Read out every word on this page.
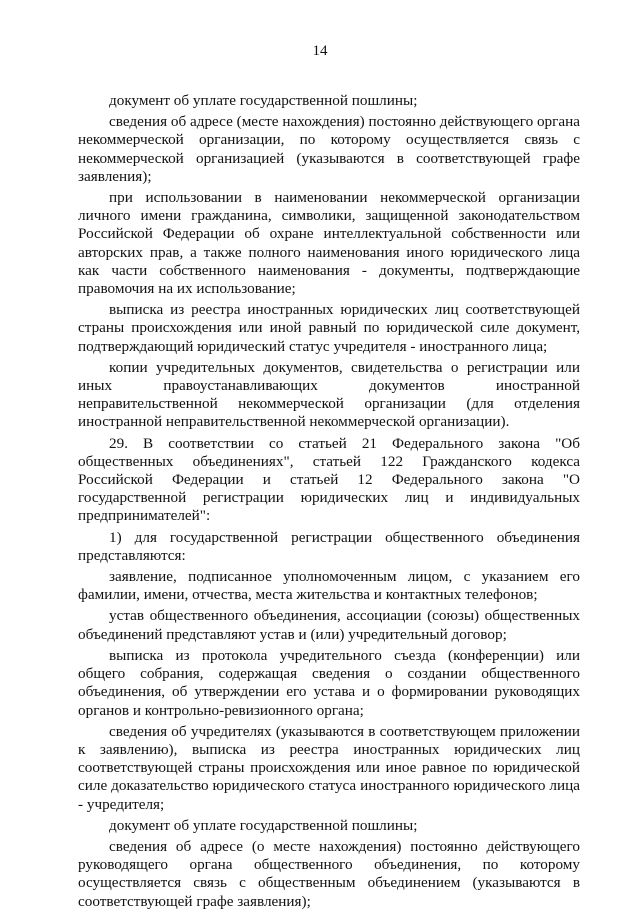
14

документ об уплате государственной пошлины;

сведения об адресе (месте нахождения) постоянно действующего органа некоммерческой организации, по которому осуществляется связь с некоммерческой организацией (указываются в соответствующей графе заявления);

при использовании в наименовании некоммерческой организации личного имени гражданина, символики, защищенной законодательством Российской Федерации об охране интеллектуальной собственности или авторских прав, а также полного наименования иного юридического лица как части собственного наименования - документы, подтверждающие правомочия на их использование;

выписка из реестра иностранных юридических лиц соответствующей страны происхождения или иной равный по юридической силе документ, подтверждающий юридический статус учредителя - иностранного лица;

копии учредительных документов, свидетельства о регистрации или иных правоустанавливающих документов иностранной неправительственной некоммерческой организации (для отделения иностранной неправительственной некоммерческой организации).

29. В соответствии со статьей 21 Федерального закона "Об общественных объединениях", статьей 122 Гражданского кодекса Российской Федерации и статьей 12 Федерального закона "О государственной регистрации юридических лиц и индивидуальных предпринимателей":

1) для государственной регистрации общественного объединения представляются:

заявление, подписанное уполномоченным лицом, с указанием его фамилии, имени, отчества, места жительства и контактных телефонов;

устав общественного объединения, ассоциации (союзы) общественных объединений представляют устав и (или) учредительный договор;

выписка из протокола учредительного съезда (конференции) или общего собрания, содержащая сведения о создании общественного объединения, об утверждении его устава и о формировании руководящих органов и контрольно-ревизионного органа;

сведения об учредителях (указываются в соответствующем приложении к заявлению), выписка из реестра иностранных юридических лиц соответствующей страны происхождения или иное равное по юридической силе доказательство юридического статуса иностранного юридического лица - учредителя;

документ об уплате государственной пошлины;

сведения об адресе (о месте нахождения) постоянно действующего руководящего органа общественного объединения, по которому осуществляется связь с общественным объединением (указываются в соответствующей графе заявления);
